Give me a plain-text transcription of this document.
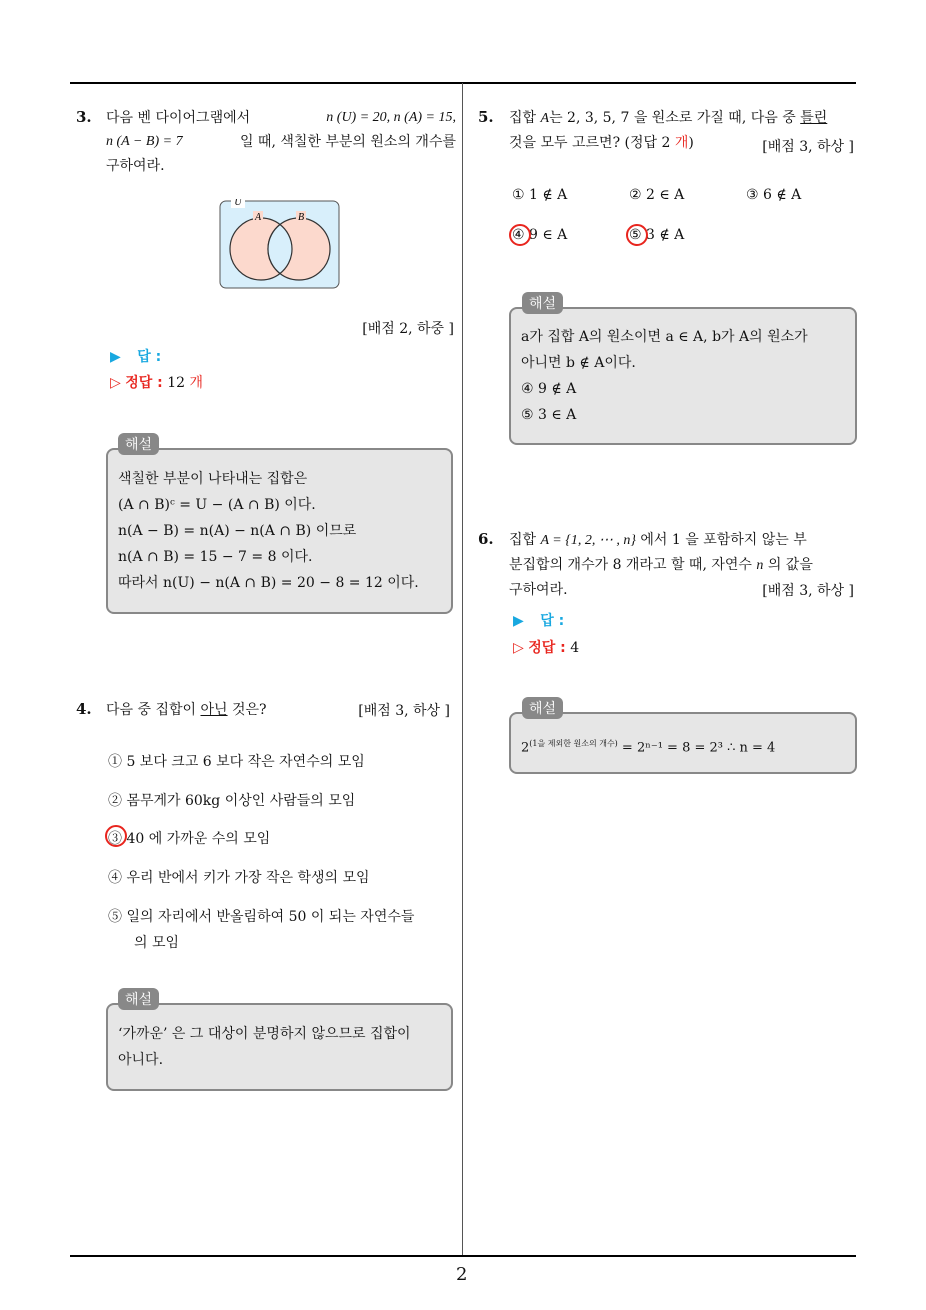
2
3. 다음 벤 다이어그램에서	n (U) = 20, n (A) = 15,
n (A − B) = 7	일 때, 색칠한 부분의 원소의 개수를
구하여라.
U
A	B
[배점 2, 하중 ]
▶ 답 :
▷ 정답 : 12 개
해설
색칠한 부분이 나타내는 집합은
(A ∩ B)ᶜ = U − (A ∩ B) 이다.
n(A − B) = n(A) − n(A ∩ B) 이므로
n(A ∩ B) = 15 − 7 = 8 이다.
따라서 n(U) − n(A ∩ B) = 20 − 8 = 12 이다.
4. 다음 중 집합이 아닌 것은?	[배점 3, 하상 ]
① 5 보다 크고 6 보다 작은 자연수의 모임
② 몸무게가 60kg 이상인 사람들의 모임
③ 40 에 가까운 수의 모임
④ 우리 반에서 키가 가장 작은 학생의 모임
⑤ 일의 자리에서 반올림하여 50 이 되는 자연수들
의 모임
해설
‘가까운’ 은 그 대상이 분명하지 않으므로 집합이
아니다.
5. 집합 A는 2, 3, 5, 7 을 원소로 가질 때, 다음 중 틀린
것을 모두 고르면? (정답 2 개)	[배점 3, 하상 ]
① 1 ∉ A	② 2 ∈ A	③ 6 ∉ A
④ 9 ∈ A	⑤ 3 ∉ A
해설
a가 집합 A의 원소이면 a ∈ A, b가 A의 원소가
아니면 b ∉ A이다.
④ 9 ∉ A
⑤ 3 ∈ A
6. 집합 A = {1, 2, ⋯ , n} 에서 1 을 포함하지 않는 부
분집합의 개수가 8 개라고 할 때, 자연수 n 의 값을
구하여라.	[배점 3, 하상 ]
▶ 답 :
▷ 정답 : 4
해설
$2^{(1을 제외한 원소의 개수)} = 2^{n-1} = 8 = 2^3$ ∴ n = 4
